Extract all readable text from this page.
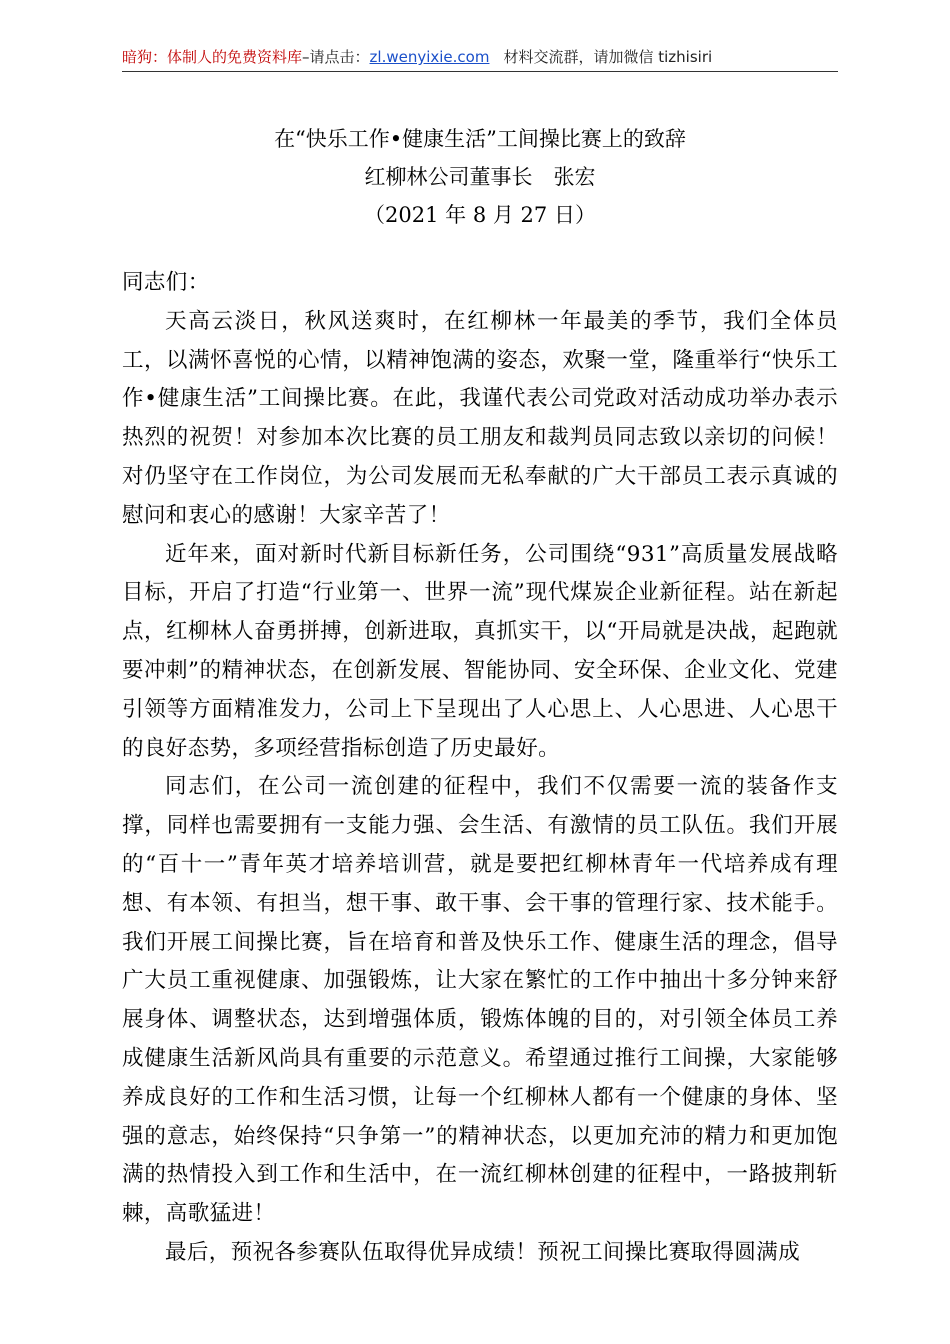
暗狗：体制人的免费资料库–请点击：zl.wenyixie.com 材料交流群，请加微信 tizhisiri
在“快乐工作•健康生活”工间操比赛上的致辞
红柳林公司董事长　张宏
（2021 年 8 月 27 日）

同志们：

天高云淡日，秋风送爽时，在红柳林一年最美的季节，我们全体员工，以满怀喜悦的心情，以精神饱满的姿态，欢聚一堂，隆重举行“快乐工作•健康生活”工间操比赛。在此，我谨代表公司党政对活动成功举办表示热烈的祝贺！对参加本次比赛的员工朋友和裁判员同志致以亲切的问候！对仍坚守在工作岗位，为公司发展而无私奉献的广大干部员工表示真诚的慰问和衷心的感谢！大家辛苦了！

近年来，面对新时代新目标新任务，公司围绕“931”高质量发展战略目标，开启了打造“行业第一、世界一流”现代煤炭企业新征程。站在新起点，红柳林人奋勇拼搏，创新进取，真抓实干，以“开局就是决战，起跑就要冲刺”的精神状态，在创新发展、智能协同、安全环保、企业文化、党建引领等方面精准发力，公司上下呈现出了人心思上、人心思进、人心思干的良好态势，多项经营指标创造了历史最好。

同志们，在公司一流创建的征程中，我们不仅需要一流的装备作支撑，同样也需要拥有一支能力强、会生活、有激情的员工队伍。我们开展的“百十一”青年英才培养培训营，就是要把红柳林青年一代培养成有理想、有本领、有担当，想干事、敢干事、会干事的管理行家、技术能手。我们开展工间操比赛，旨在培育和普及快乐工作、健康生活的理念，倡导广大员工重视健康、加强锻炼，让大家在繁忙的工作中抽出十多分钟来舒展身体、调整状态，达到增强体质，锻炼体魄的目的，对引领全体员工养成健康生活新风尚具有重要的示范意义。希望通过推行工间操，大家能够养成良好的工作和生活习惯，让每一个红柳林人都有一个健康的身体、坚强的意志，始终保持“只争第一”的精神状态，以更加充沛的精力和更加饱满的热情投入到工作和生活中，在一流红柳林创建的征程中，一路披荆斩棘，高歌猛进！

最后，预祝各参赛队伍取得优异成绩！预祝工间操比赛取得圆满成
